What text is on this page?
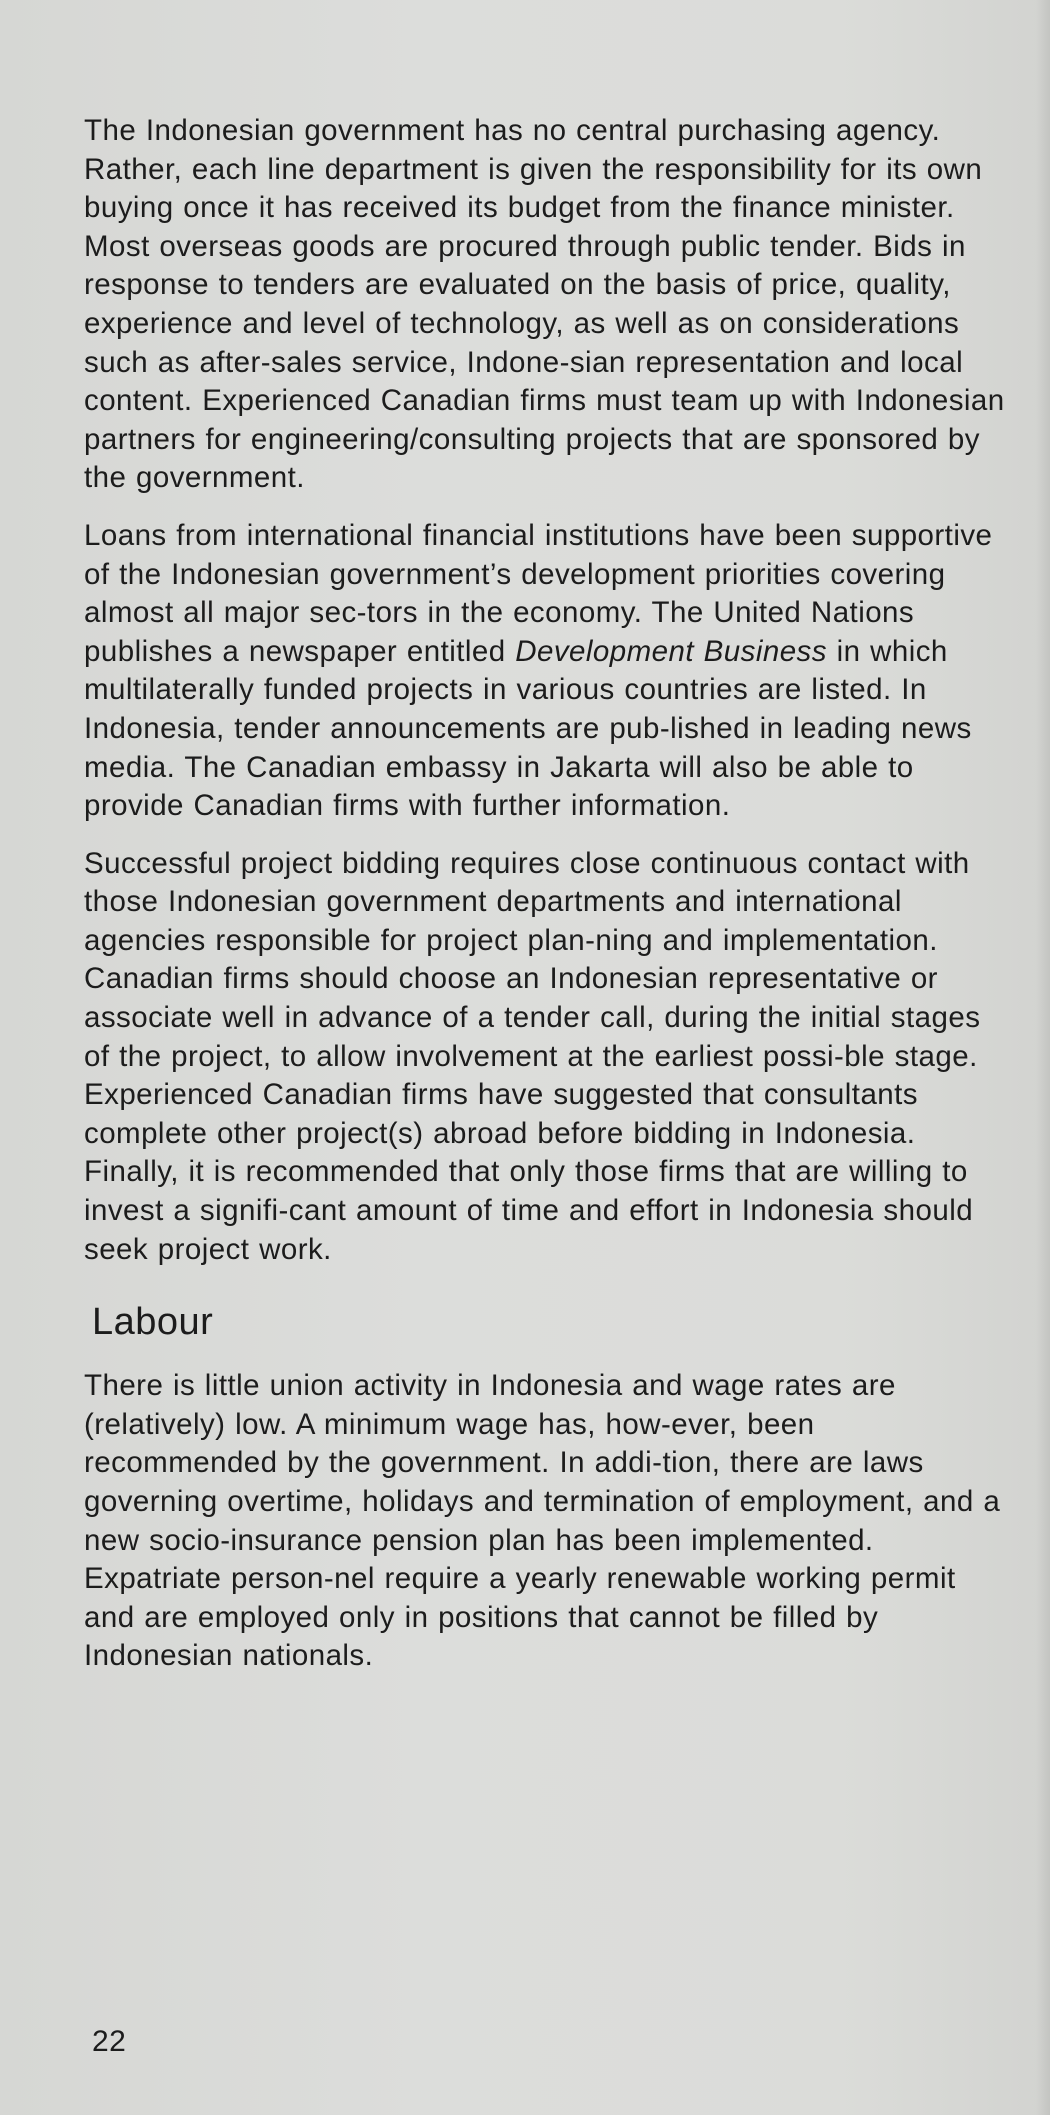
The Indonesian government has no central purchasing agency. Rather, each line department is given the responsibility for its own buying once it has received its budget from the finance minister. Most overseas goods are procured through public tender. Bids in response to tenders are evaluated on the basis of price, quality, experience and level of technology, as well as on considerations such as after-sales service, Indone-sian representation and local content. Experienced Canadian firms must team up with Indonesian partners for engineering/consulting projects that are sponsored by the government.

Loans from international financial institutions have been supportive of the Indonesian government’s development priorities covering almost all major sec-tors in the economy. The United Nations publishes a newspaper entitled Development Business in which multilaterally funded projects in various countries are listed. In Indonesia, tender announcements are pub-lished in leading news media. The Canadian embassy in Jakarta will also be able to provide Canadian firms with further information.

Successful project bidding requires close continuous contact with those Indonesian government departments and international agencies responsible for project plan-ning and implementation. Canadian firms should choose an Indonesian representative or associate well in advance of a tender call, during the initial stages of the project, to allow involvement at the earliest possi-ble stage. Experienced Canadian firms have suggested that consultants complete other project(s) abroad before bidding in Indonesia. Finally, it is recommended that only those firms that are willing to invest a signifi-cant amount of time and effort in Indonesia should seek project work.

Labour

There is little union activity in Indonesia and wage rates are (relatively) low. A minimum wage has, how-ever, been recommended by the government. In addi-tion, there are laws governing overtime, holidays and termination of employment, and a new socio-insurance pension plan has been implemented. Expatriate person-nel require a yearly renewable working permit and are employed only in positions that cannot be filled by Indonesian nationals.

22
